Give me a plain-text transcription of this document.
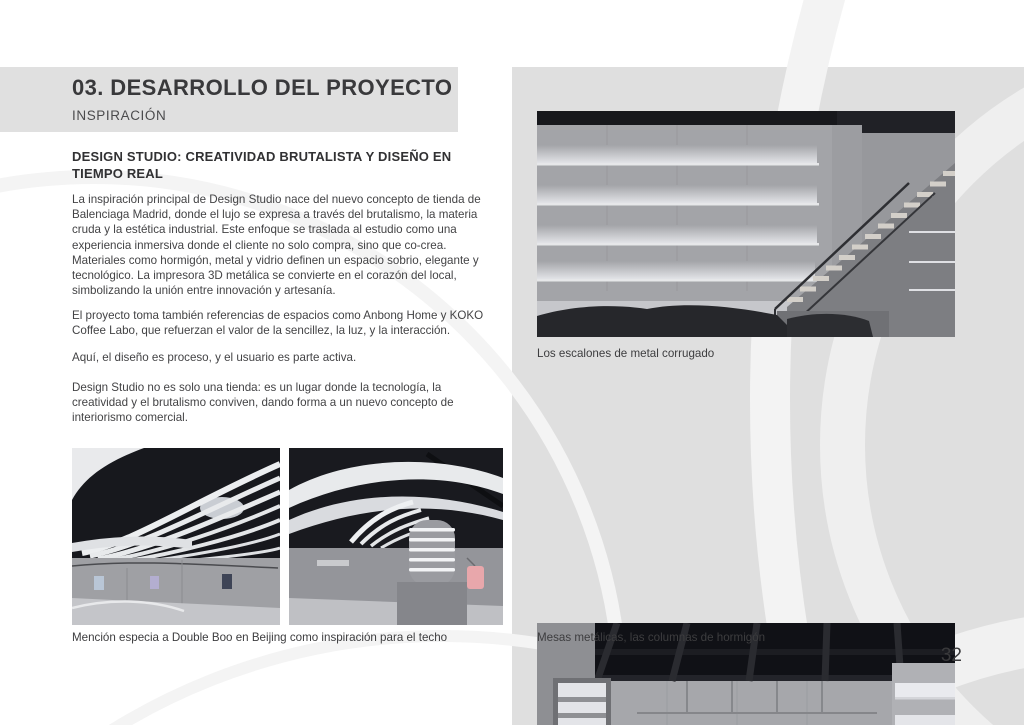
Los escalones de metal corrugado
Mesas metálicas, las columnas de hormigón
32
03. DESARROLLO DEL PROYECTO
INSPIRACIÓN
DESIGN STUDIO: CREATIVIDAD BRUTALISTA Y DISEÑO EN TIEMPO REAL

La inspiración principal de Design Studio nace del nuevo concepto de tienda de Balenciaga Madrid, donde el lujo se expresa a través del brutalismo, la materia cruda y la estética industrial. Este enfoque se traslada al estudio como una experiencia inmersiva donde el cliente no solo compra, sino que co-crea. Materiales como hormigón, metal y vidrio definen un espacio sobrio, elegante y tecnológico. La impresora 3D metálica se convierte en el corazón del local, simbolizando la unión entre innovación y artesanía.

El proyecto toma también referencias de espacios como Anbong Home y KOKO Coffee Labo, que refuerzan el valor de la sencillez, la luz, y la interacción.

Aquí, el diseño es proceso, y el usuario es parte activa.

Design Studio no es solo una tienda: es un lugar donde la tecnología, la creatividad y el brutalismo conviven, dando forma a un nuevo concepto de interiorismo comercial.

Mención especia a Double Boo en Beijing como inspiración para el techo
